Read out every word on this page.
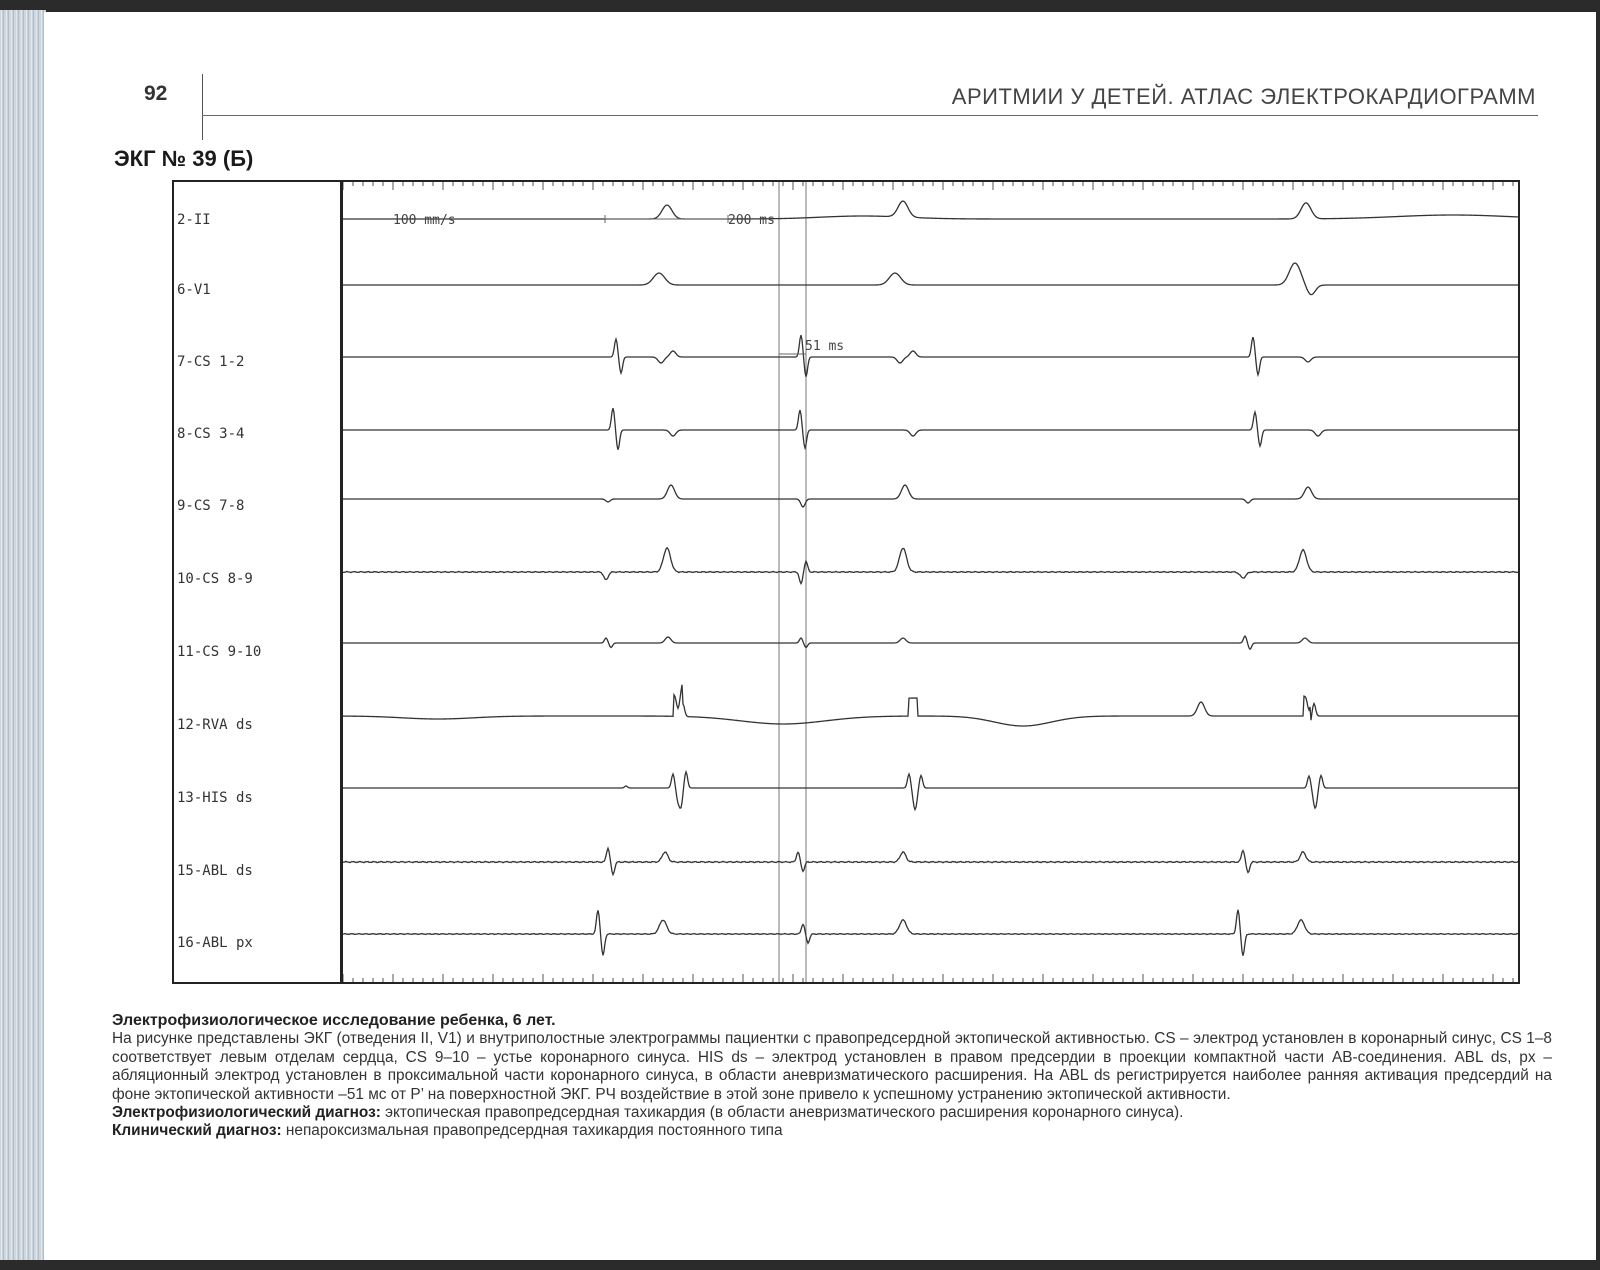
92	АРИТМИИ У ДЕТЕЙ. АТЛАС ЭЛЕКТРОКАРДИОГРАММ
ЭКГ № 39 (Б)
2-II
6-V1
7-CS 1-2
8-CS 3-4
9-CS 7-8
10-CS 8-9
11-CS 9-10
12-RVA ds
13-HIS ds
15-ABL ds
16-ABL px
100 mm/s	200 ms
51 ms
Электрофизиологическое исследование ребенка, 6 лет.
На рисунке представлены ЭКГ (отведения II, V1) и внутриполостные электрограммы пациентки с правопредсердной эктопической активностью. CS – электрод установлен в коронарный синус, CS 1–8 соответствует левым отделам сердца, CS 9–10 – устье коронарного синуса. HIS ds – электрод установлен в правом предсердии в проекции компактной части АВ-соединения. ABL ds, px – абляционный электрод установлен в проксимальной части коронарного синуса, в области аневризматического расширения. На ABL ds регистрируется наиболее ранняя активация предсердий на фоне эктопической активности –51 мс от P’ на поверхностной ЭКГ. РЧ воздействие в этой зоне привело к успешному устранению эктопической активности.
Электрофизиологический диагноз: эктопическая правопредсердная тахикардия (в области аневризматического расширения коронарного синуса).
Клинический диагноз: непароксизмальная правопредсердная тахикардия постоянного типа
